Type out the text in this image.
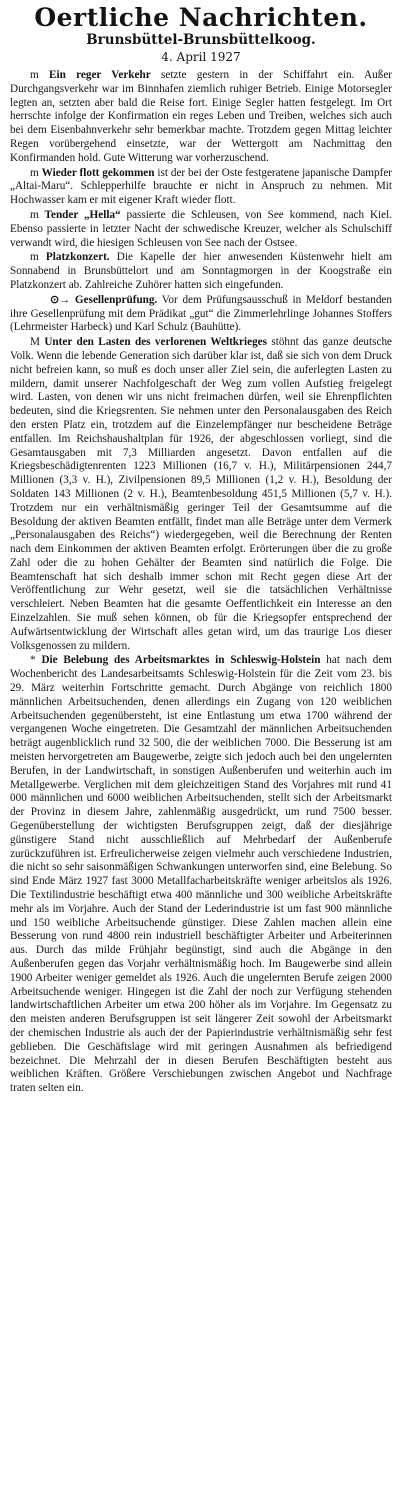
Oertliche Nachrichten.
Brunsbüttel-Brunsbüttelkoog.
4. April 1927

m Ein reger Verkehr setzte gestern in der Schiffahrt ein. Außer Durchgangsverkehr war im Binnhafen ziemlich ruhiger Betrieb. Einige Motorsegler legten an, setzten aber bald die Reise fort. Einige Segler hatten festgelegt. Im Ort herrschte infolge der Konfirmation ein reges Leben und Treiben, welches sich auch bei dem Eisenbahnverkehr sehr bemerkbar machte. Trotzdem gegen Mittag leichter Regen vorübergehend einsetzte, war der Wettergott am Nachmittag den Konfirmanden hold. Gute Witterung war vorherzuschend.

m Wieder flott gekommen ist der bei der Oste festgeratene japanische Dampfer „Altai-Maru“. Schlepperhilfe brauchte er nicht in Anspruch zu nehmen. Mit Hochwasser kam er mit eigener Kraft wieder flott.

m Tender „Hella“ passierte die Schleusen, von See kommend, nach Kiel. Ebenso passierte in letzter Nacht der schwedische Kreuzer, welcher als Schulschiff verwandt wird, die hiesigen Schleusen von See nach der Ostsee.

m Platzkonzert. Die Kapelle der hier anwesenden Küstenwehr hielt am Sonnabend in Brunsbüttelort und am Sonntagmorgen in der Koogstraße ein Platzkonzert ab. Zahlreiche Zuhörer hatten sich eingefunden.

⊙→ Gesellenprüfung. Vor dem Prüfungsausschuß in Meldorf bestanden ihre Gesellenprüfung mit dem Prädikat „gut“ die Zimmerlehrlinge Johannes Stoffers (Lehrmeister Harbeck) und Karl Schulz (Bauhütte).

M Unter den Lasten des verlorenen Weltkrieges stöhnt das ganze deutsche Volk. Wenn die lebende Generation sich darüber klar ist, daß sie sich von dem Druck nicht befreien kann, so muß es doch unser aller Ziel sein, die auferlegten Lasten zu mildern, damit unserer Nachfolgeschaft der Weg zum vollen Aufstieg freigelegt wird. Lasten, von denen wir uns nicht freimachen dürfen, weil sie Ehrenpflichten bedeuten, sind die Kriegsrenten. Sie nehmen unter den Personalausgaben des Reich den ersten Platz ein, trotzdem auf die Einzelempfänger nur bescheidene Beträge entfallen. Im Reichshaushaltplan für 1926, der abgeschlossen vorliegt, sind die Gesamtausgaben mit 7,3 Milliarden angesetzt. Davon entfallen auf die Kriegsbeschädigtenrenten 1223 Millionen (16,7 v. H.), Militärpensionen 244,7 Millionen (3,3 v. H.), Zivilpensionen 89,5 Millionen (1,2 v. H.), Besoldung der Soldaten 143 Millionen (2 v. H.), Beamtenbesoldung 451,5 Millionen (5,7 v. H.). Trotzdem nur ein verhältnismäßig geringer Teil der Gesamtsumme auf die Besoldung der aktiven Beamten entfällt, findet man alle Beträge unter dem Vermerk „Personalausgaben des Reichs“) wiedergegeben, weil die Berechnung der Renten nach dem Einkommen der aktiven Beamten erfolgt. Erörterungen über die zu große Zahl oder die zu hohen Gehälter der Beamten sind natürlich die Folge. Die Beamtenschaft hat sich deshalb immer schon mit Recht gegen diese Art der Veröffentlichung zur Wehr gesetzt, weil sie die tatsächlichen Verhältnisse verschleiert. Neben Beamten hat die gesamte Oeffentlichkeit ein Interesse an den Einzelzahlen. Sie muß sehen können, ob für die Kriegsopfer entsprechend der Aufwärtsentwicklung der Wirtschaft alles getan wird, um das traurige Los dieser Volksgenossen zu mildern.

* Die Belebung des Arbeitsmarktes in Schleswig-Holstein hat nach dem Wochenbericht des Landesarbeitsamts Schleswig-Holstein für die Zeit vom 23. bis 29. März weiterhin Fortschritte gemacht. Durch Abgänge von reichlich 1800 männlichen Arbeitsuchenden, denen allerdings ein Zugang von 120 weiblichen Arbeitsuchenden gegenübersteht, ist eine Entlastung um etwa 1700 während der vergangenen Woche eingetreten. Die Gesamtzahl der männlichen Arbeitsuchenden beträgt augenblicklich rund 32 500, die der weiblichen 7000. Die Besserung ist am meisten hervorgetreten am Baugewerbe, zeigte sich jedoch auch bei den ungelernten Berufen, in der Landwirtschaft, in sonstigen Außenberufen und weiterhin auch im Metallgewerbe. Verglichen mit dem gleichzeitigen Stand des Vorjahres mit rund 41 000 männlichen und 6000 weiblichen Arbeitsuchenden, stellt sich der Arbeitsmarkt der Provinz in diesem Jahre, zahlenmäßig ausgedrückt, um rund 7500 besser. Gegenüberstellung der wichtigsten Berufsgruppen zeigt, daß der diesjährige günstigere Stand nicht ausschließlich auf Mehrbedarf der Außenberufe zurückzuführen ist. Erfreulicherweise zeigen vielmehr auch verschiedene Industrien, die nicht so sehr saisonmäßigen Schwankungen unterworfen sind, eine Belebung. So sind Ende März 1927 fast 3000 Metallfacharbeitskräfte weniger arbeitslos als 1926. Die Textilindustrie beschäftigt etwa 400 männliche und 300 weibliche Arbeitskräfte mehr als im Vorjahre. Auch der Stand der Lederindustrie ist um fast 900 männliche und 150 weibliche Arbeitsuchende günstiger. Diese Zahlen machen allein eine Besserung von rund 4800 rein industriell beschäftigter Arbeiter und Arbeiterinnen aus. Durch das milde Frühjahr begünstigt, sind auch die Abgänge in den Außenberufen gegen das Vorjahr verhältnismäßig hoch. Im Baugewerbe sind allein 1900 Arbeiter weniger gemeldet als 1926. Auch die ungelernten Berufe zeigen 2000 Arbeitsuchende weniger. Hingegen ist die Zahl der noch zur Verfügung stehenden landwirtschaftlichen Arbeiter um etwa 200 höher als im Vorjahre. Im Gegensatz zu den meisten anderen Berufsgruppen ist seit längerer Zeit sowohl der Arbeitsmarkt der chemischen Industrie als auch der der Papierindustrie verhältnismäßig sehr fest geblieben. Die Geschäftslage wird mit geringen Ausnahmen als befriedigend bezeichnet. Die Mehrzahl der in diesen Berufen Beschäftigten besteht aus weiblichen Kräften. Größere Verschiebungen zwischen Angebot und Nachfrage traten selten ein.
